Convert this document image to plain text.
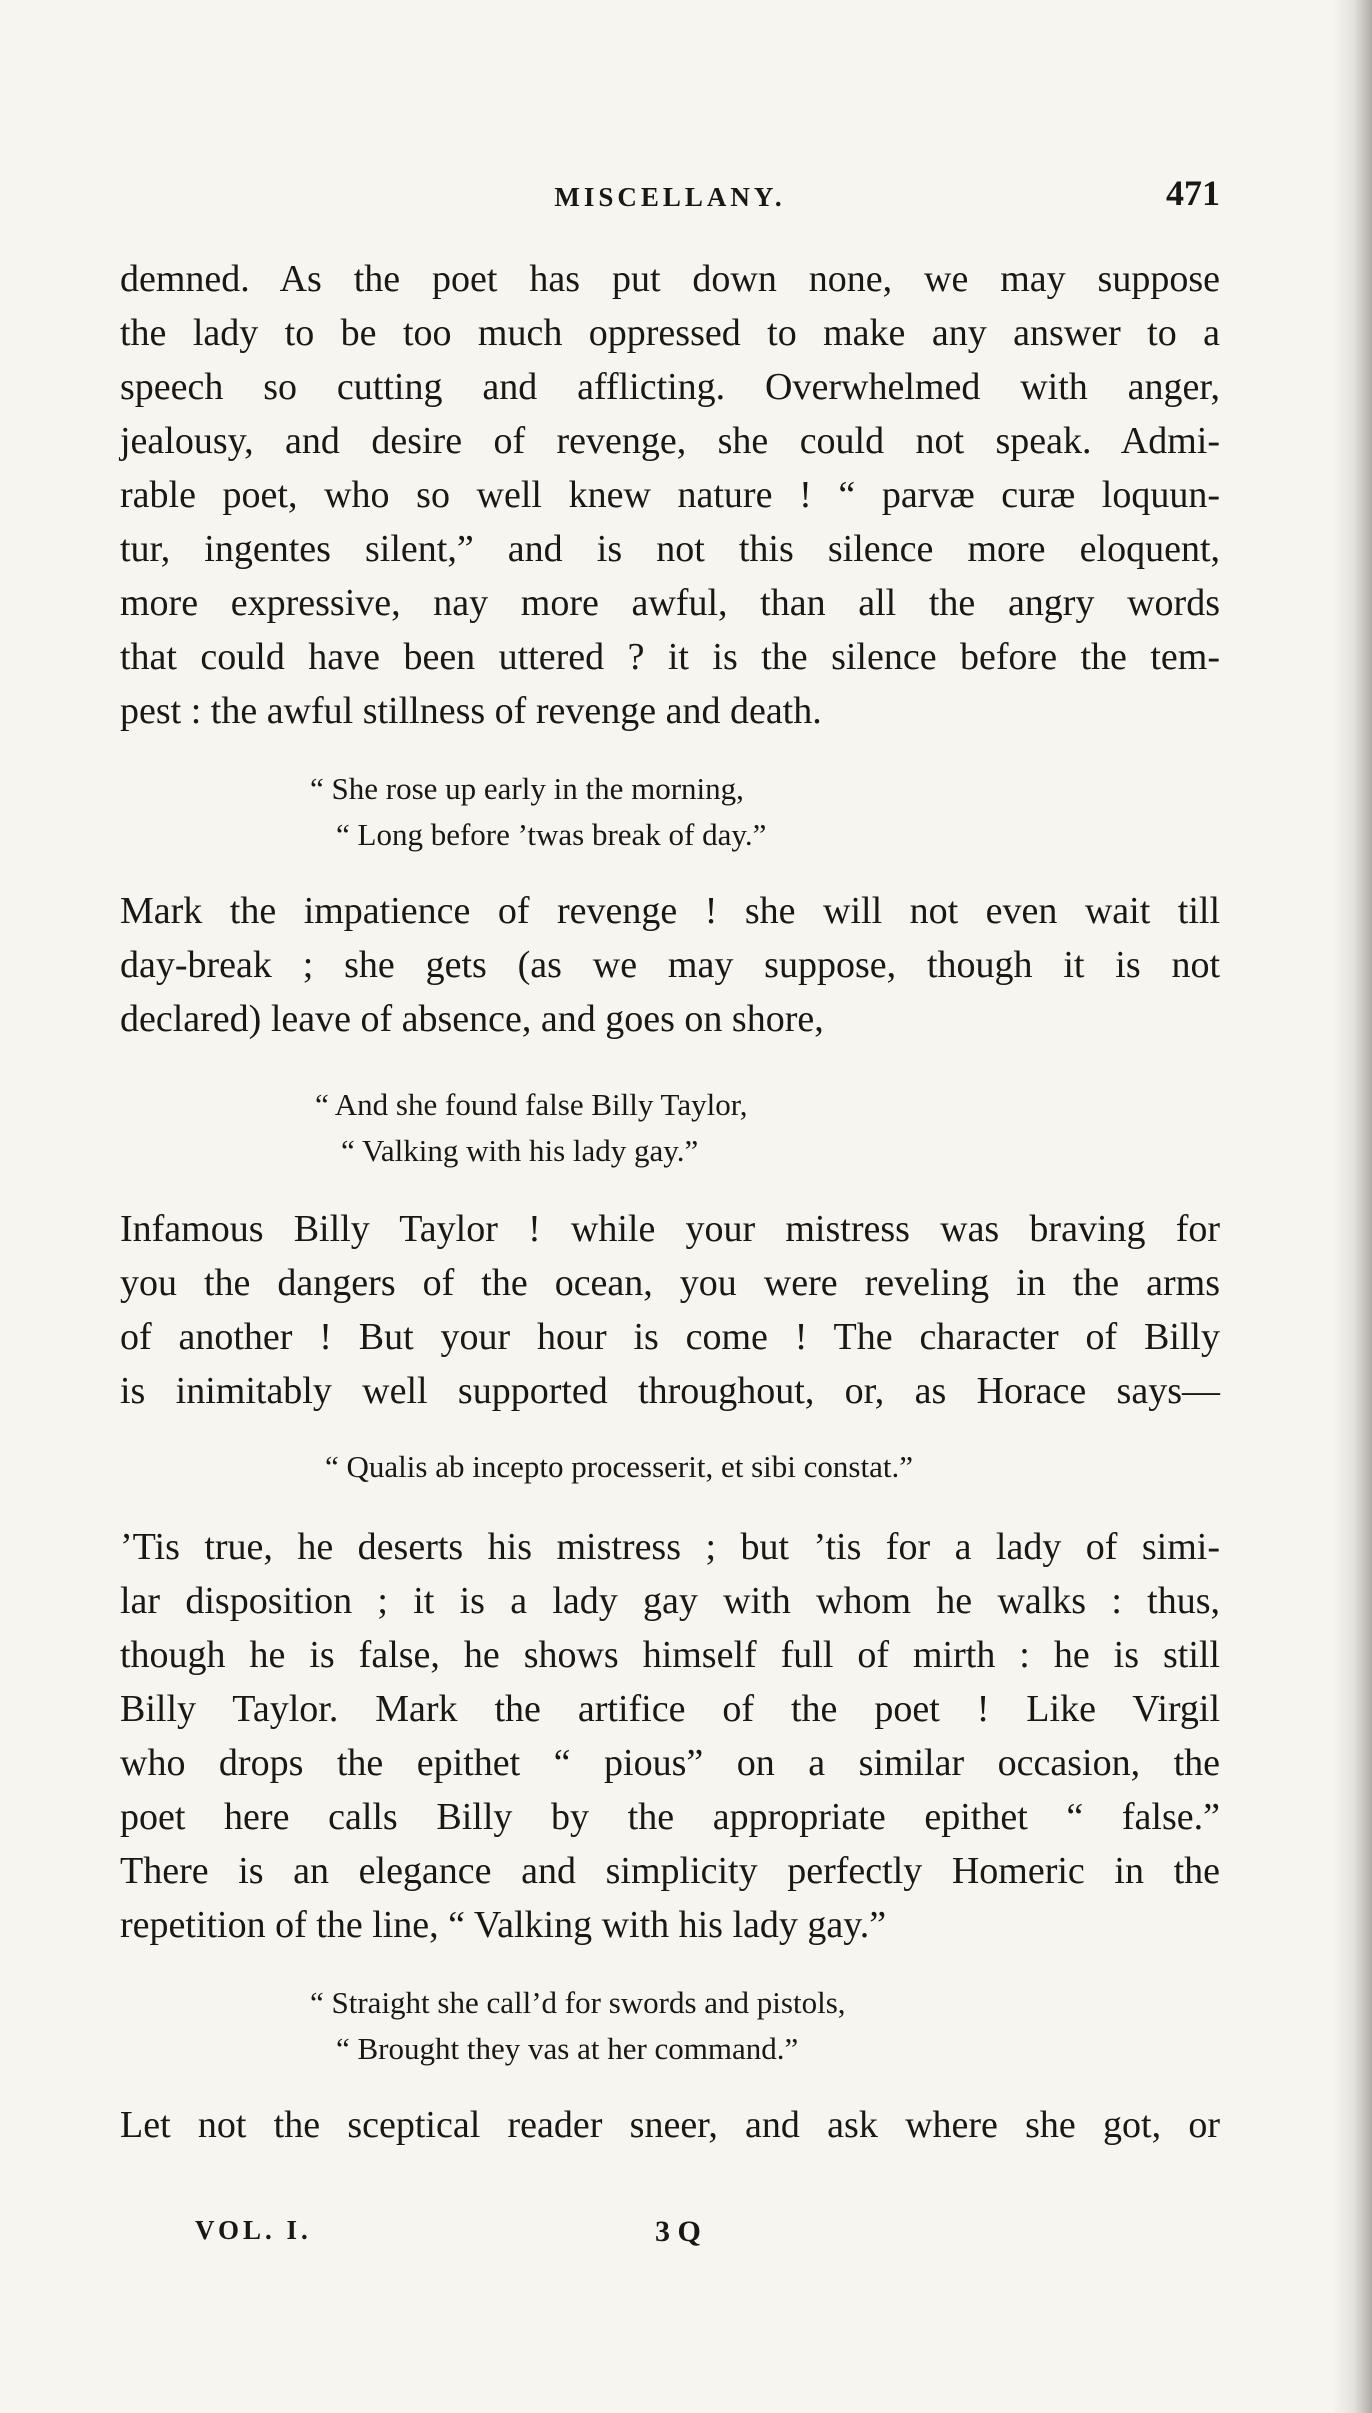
MISCELLANY.	471

demned. As the poet has put down none, we may suppose
the lady to be too much oppressed to make any answer to a
speech so cutting and afflicting. Overwhelmed with anger,
jealousy, and desire of revenge, she could not speak. Admi-
rable poet, who so well knew nature ! “ parvæ curæ loquun-
tur, ingentes silent,” and is not this silence more eloquent,
more expressive, nay more awful, than all the angry words
that could have been uttered ? it is the silence before the tem-
pest : the awful stillness of revenge and death.

“ She rose up early in the morning,
“ Long before ’twas break of day.”

Mark the impatience of revenge ! she will not even wait till
day-break ; she gets (as we may suppose, though it is not
declared) leave of absence, and goes on shore,

“ And she found false Billy Taylor,
“ Valking with his lady gay.”

Infamous Billy Taylor ! while your mistress was braving for
you the dangers of the ocean, you were reveling in the arms
of another ! But your hour is come ! The character of Billy
is inimitably well supported throughout, or, as Horace says—

“ Qualis ab incepto processerit, et sibi constat.”

’Tis true, he deserts his mistress ; but ’tis for a lady of simi-
lar disposition ; it is a lady gay with whom he walks : thus,
though he is false, he shows himself full of mirth : he is still
Billy Taylor. Mark the artifice of the poet ! Like Virgil
who drops the epithet “ pious” on a similar occasion, the
poet here calls Billy by the appropriate epithet “ false.”
There is an elegance and simplicity perfectly Homeric in the
repetition of the line, “ Valking with his lady gay.”

“ Straight she call’d for swords and pistols,
“ Brought they vas at her command.”

Let not the sceptical reader sneer, and ask where she got, or

VOL. I.	3 Q
